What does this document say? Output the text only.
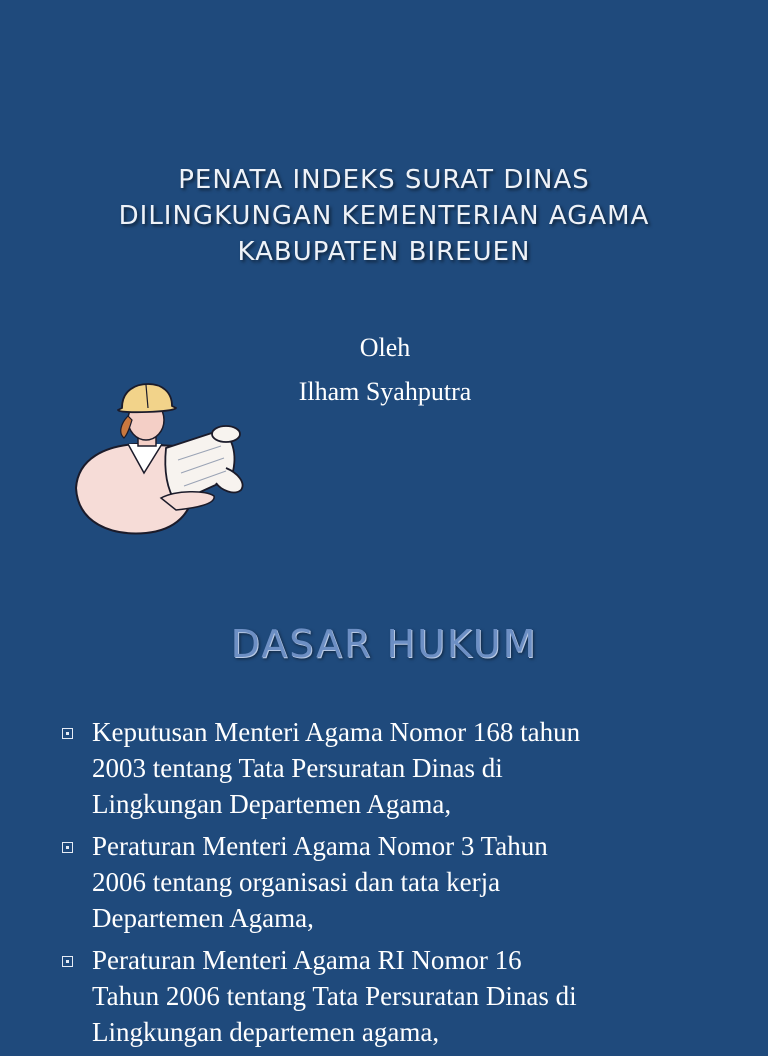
PENATA INDEKS SURAT DINAS
DILINGKUNGAN KEMENTERIAN AGAMA
KABUPATEN BIREUEN
Oleh
Ilham Syahputra
DASAR HUKUM
Keputusan Menteri Agama Nomor 168 tahun
2003 tentang Tata Persuratan Dinas di
Lingkungan Departemen Agama,
Peraturan Menteri Agama Nomor 3 Tahun
2006 tentang organisasi dan tata kerja
Departemen Agama,
Peraturan Menteri Agama RI Nomor 16
Tahun 2006 tentang Tata Persuratan Dinas di
Lingkungan departemen agama,
